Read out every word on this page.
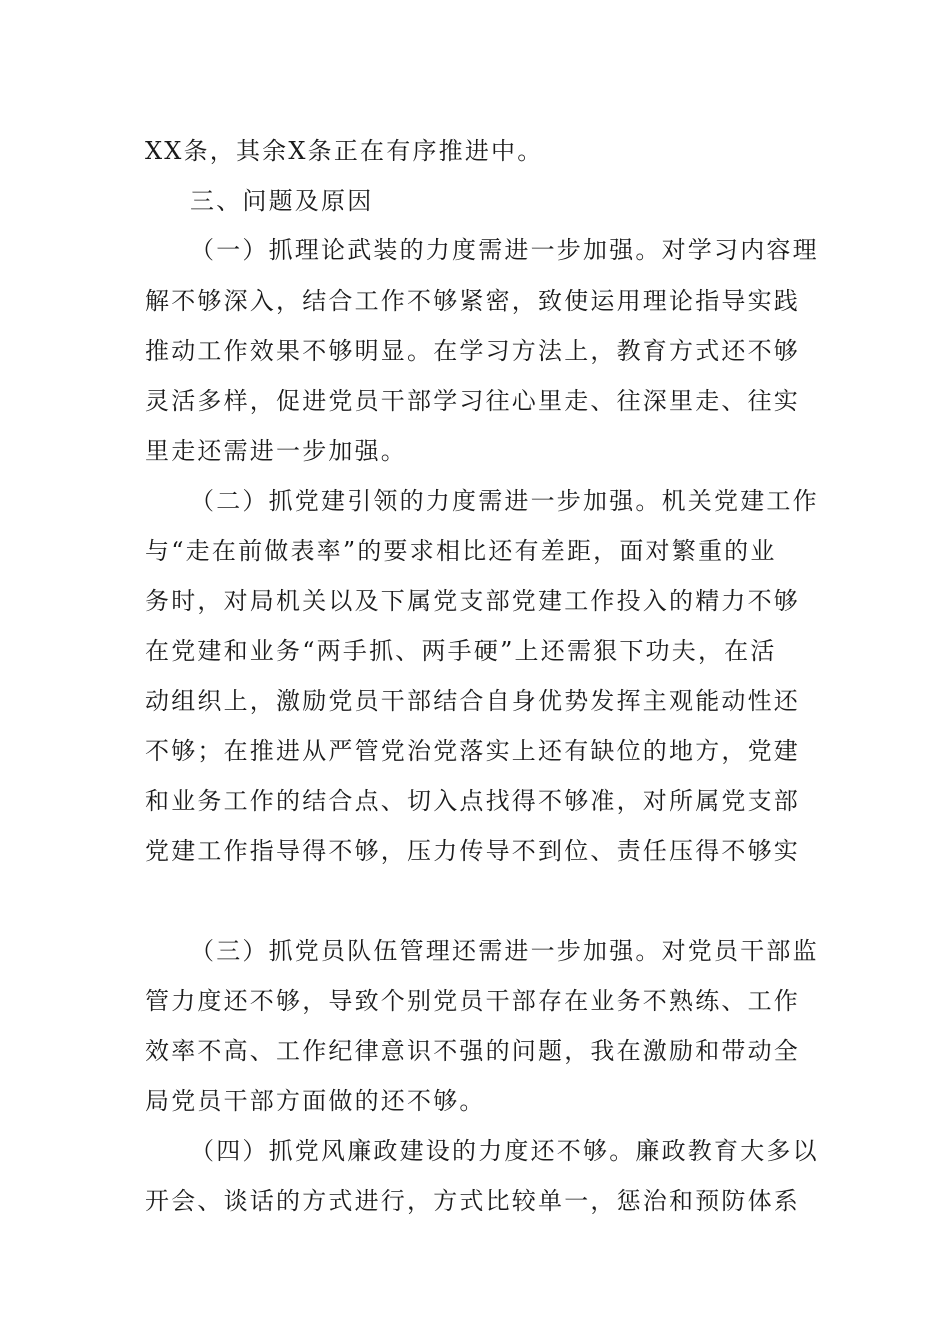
XX条，其余X条正在有序推进中。
三、问题及原因
（一）抓理论武装的力度需进一步加强。对学习内容理
解不够深入，结合工作不够紧密，致使运用理论指导实践
推动工作效果不够明显。在学习方法上，教育方式还不够
灵活多样，促进党员干部学习往心里走、往深里走、往实
里走还需进一步加强。
（二）抓党建引领的力度需进一步加强。机关党建工作
与“走在前做表率”的要求相比还有差距，面对繁重的业
务时，对局机关以及下属党支部党建工作投入的精力不够
在党建和业务“两手抓、两手硬”上还需狠下功夫，在活
动组织上，激励党员干部结合自身优势发挥主观能动性还
不够；在推进从严管党治党落实上还有缺位的地方，党建
和业务工作的结合点、切入点找得不够准，对所属党支部
党建工作指导得不够，压力传导不到位、责任压得不够实
（三）抓党员队伍管理还需进一步加强。对党员干部监
管力度还不够，导致个别党员干部存在业务不熟练、工作
效率不高、工作纪律意识不强的问题，我在激励和带动全
局党员干部方面做的还不够。
（四）抓党风廉政建设的力度还不够。廉政教育大多以
开会、谈话的方式进行，方式比较单一，惩治和预防体系
